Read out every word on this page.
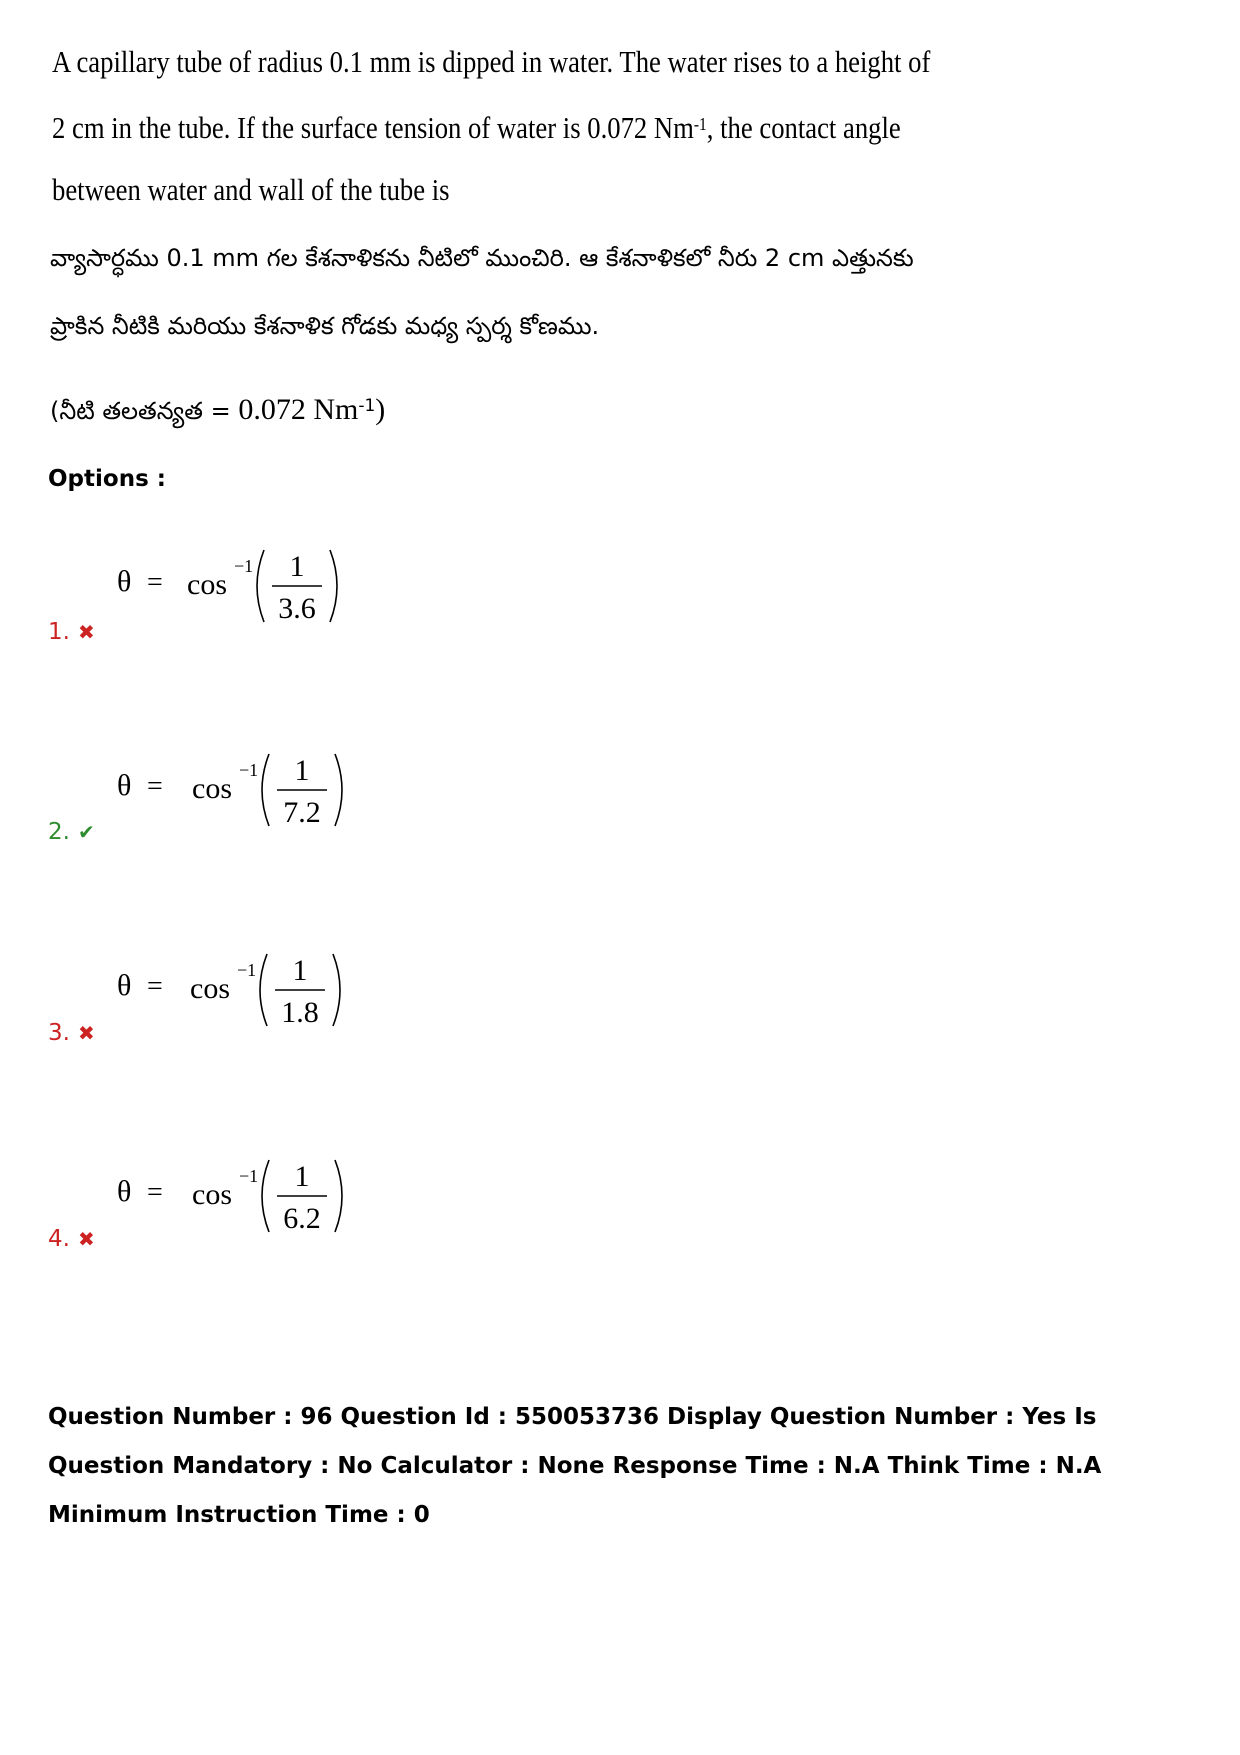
A capillary tube of radius 0.1 mm is dipped in water. The water rises to a height of
2 cm in the tube. If the surface tension of water is 0.072 $Nm^{-1}$, the contact angle
between water and wall of the tube is
వ్యాసార్ధము 0.1 mm గల కేశనాళికను నీటిలో ముంచిరి. ఆ కేశనాళికలో నీరు 2 cm ఎత్తునకు
ప్రాకిన నీటికి మరియు కేశనాళిక గోడకు మధ్య స్పర్శ కోణము.
(నీటి తలతన్యత = 0.072 $Nm^{-1}$)
Options :
θ = cos
−1 1
3.6
1. ✖
θ = cos
−1 1
7.2
2. ✔
θ = cos
−1 1
1.8
3. ✖
θ = cos
−1 1
6.2
4. ✖
Question Number : 96 Question Id : 550053736 Display Question Number : Yes Is Question Mandatory : No Calculator : None Response Time : N.A Think Time : N.A Minimum Instruction Time : 0
